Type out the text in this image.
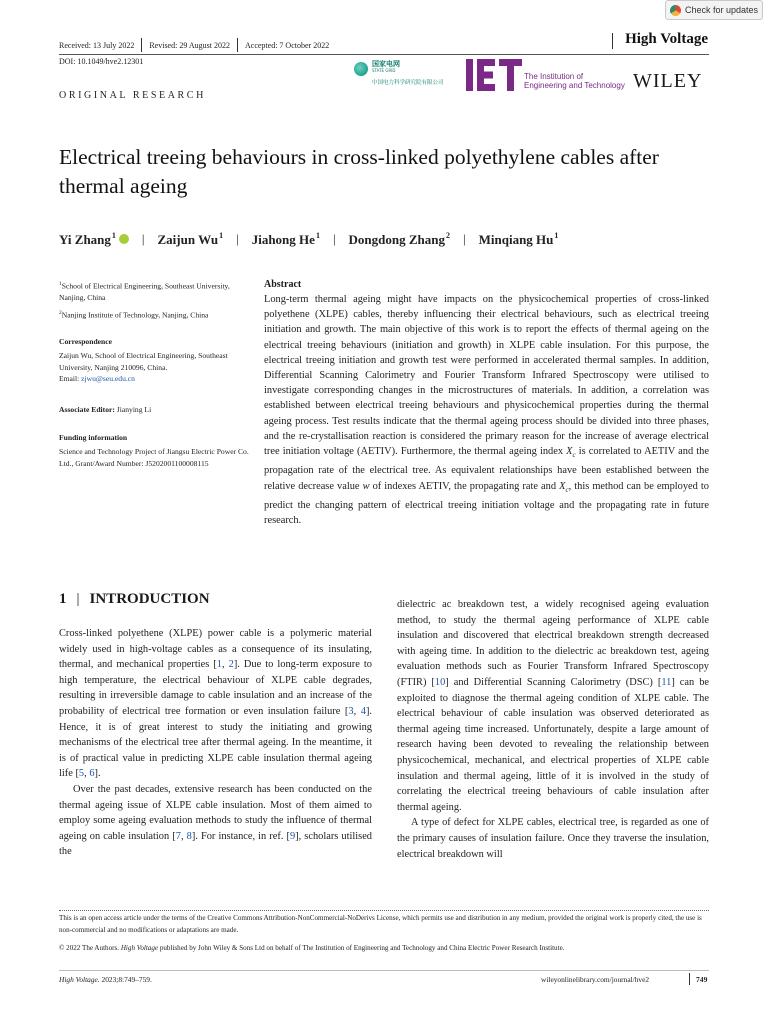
Check for updates
Received: 13 July 2022 Revised: 29 August 2022 Accepted: 7 October 2022	High Voltage
DOI: 10.1049/hve2.12301
ORIGINAL RESEARCH
国家电网
STATE GRID
中国电力科学研究院有限公司
The Institution of
Engineering and Technology WILEY
Electrical treeing behaviours in cross-linked polyethylene cables after thermal ageing
Yi Zhang$^1$ | Zaijun Wu$^1$ | Jiahong He$^1$ | Dongdong Zhang$^2$ | Minqiang Hu$^1$
$^1$School of Electrical Engineering, Southeast University, Nanjing, China
$^2$Nanjing Institute of Technology, Nanjing, China
Correspondence
Zaijun Wu, School of Electrical Engineering, Southeast University, Nanjing 210096, China.
Email: zjwu@seu.edu.cn
Associate Editor: Jianying Li
Funding information
Science and Technology Project of Jiangsu Electric Power Co. Ltd., Grant/Award Number: J5202001100008115
Abstract
Long-term thermal ageing might have impacts on the physicochemical properties of cross-linked polyethene (XLPE) cables, thereby influencing their electrical behaviours, such as electrical treeing initiation and growth. The main objective of this work is to report the effects of thermal ageing on the electrical treeing behaviours (initiation and growth) in XLPE cable insulation. For this purpose, the electrical treeing initiation and growth test were performed in accelerated thermal samples. In addition, Differential Scanning Calorimetry and Fourier Transform Infrared Spectroscopy were utilised to investigate corresponding changes in the microstructures of materials. In addition, a correlation was established between electrical treeing behaviours and physicochemical properties during the thermal ageing process. Test results indicate that the thermal ageing process should be divided into three phases, and the re-crystallisation reaction is considered the primary reason for the increase of average electrical tree initiation voltage (AETIV). Furthermore, the thermal ageing index $X_c$ is correlated to AETIV and the propagation rate of the electrical tree. As equivalent relationships have been established between the relative decrease value w of indexes AETIV, the propagating rate and $X_c$, this method can be employed to predict the changing pattern of electrical treeing initiation voltage and the propagating rate in future research.
1 | INTRODUCTION

Cross-linked polyethene (XLPE) power cable is a polymeric material widely used in high-voltage cables as a consequence of its insulating, thermal, and mechanical properties [1, 2]. Due to long-term exposure to high temperature, the electrical behaviour of XLPE cable degrades, resulting in irreversible damage to cable insulation and an increase of the probability of electrical tree formation or even insulation failure [3, 4]. Hence, it is of great interest to study the initiating and growing mechanisms of the electrical tree after thermal ageing. In the meantime, it is of practical value in predicting XLPE cable insulation thermal ageing life [5, 6].

Over the past decades, extensive research has been conducted on the thermal ageing issue of XLPE cable insulation. Most of them aimed to employ some ageing evaluation methods to study the influence of thermal ageing on cable insulation [7, 8]. For instance, in ref. [9], scholars utilised the

dielectric ac breakdown test, a widely recognised ageing evaluation method, to study the thermal ageing performance of XLPE cable insulation and discovered that electrical breakdown strength decreased with ageing time. In addition to the dielectric ac breakdown test, ageing evaluation methods such as Fourier Transform Infrared Spectroscopy (FTIR) [10] and Differential Scanning Calorimetry (DSC) [11] can be exploited to diagnose the thermal ageing condition of XLPE cable. The electrical behaviour of cable insulation was observed deteriorated as thermal ageing time increased. Unfortunately, despite a large amount of research having been devoted to revealing the relationship between physicochemical, mechanical, and electrical properties of XLPE cable insulation and thermal ageing, little of it is involved in the study of correlating the electrical treeing behaviours of cable insulation after thermal ageing.

A type of defect for XLPE cables, electrical tree, is regarded as one of the primary causes of insulation failure. Once they traverse the insulation, electrical breakdown will

This is an open access article under the terms of the Creative Commons Attribution-NonCommercial-NoDerivs License, which permits use and distribution in any medium, provided the original work is properly cited, the use is non-commercial and no modifications or adaptations are made.
© 2022 The Authors. High Voltage published by John Wiley & Sons Ltd on behalf of The Institution of Engineering and Technology and China Electric Power Research Institute.
High Voltage. 2023;8:749–759.	wileyonlinelibrary.com/journal/hve2	749
